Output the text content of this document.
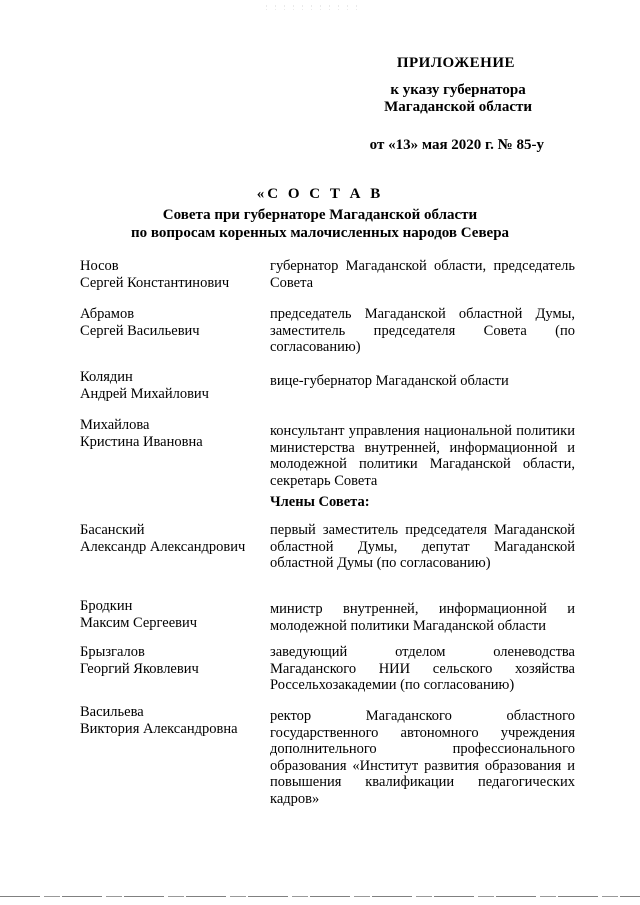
ПРИЛОЖЕНИЕ
к указу губернатора
Магаданской области
от «13» мая 2020 г. № 85-у
«С О С Т А В
Совета при губернаторе Магаданской области
по вопросам коренных малочисленных народов Севера
Носов
Сергей Константинович
губернатор Магаданской области, председатель Совета
Абрамов
Сергей Васильевич
председатель Магаданской областной Думы, заместитель председателя Совета (по согласованию)
Колядин
Андрей Михайлович
вице-губернатор Магаданской области
Михайлова
Кристина Ивановна
консультант управления национальной политики министерства внутренней, информационной и молодежной политики Магаданской области, секретарь Совета
Члены Совета:
Басанский
Александр Александрович
первый заместитель председателя Магаданской областной Думы, депутат Магаданской областной Думы (по согласованию)
Бродкин
Максим Сергеевич
министр внутренней, информационной и молодежной политики Магаданской области
Брызгалов
Георгий Яковлевич
заведующий отделом оленеводства Магаданского НИИ сельского хозяйства Россельхозакадемии (по согласованию)
Васильева
Виктория Александровна
ректор Магаданского областного государственного автономного учреждения дополнительного профессионального образования «Институт развития образования и повышения квалификации педагогических кадров»
